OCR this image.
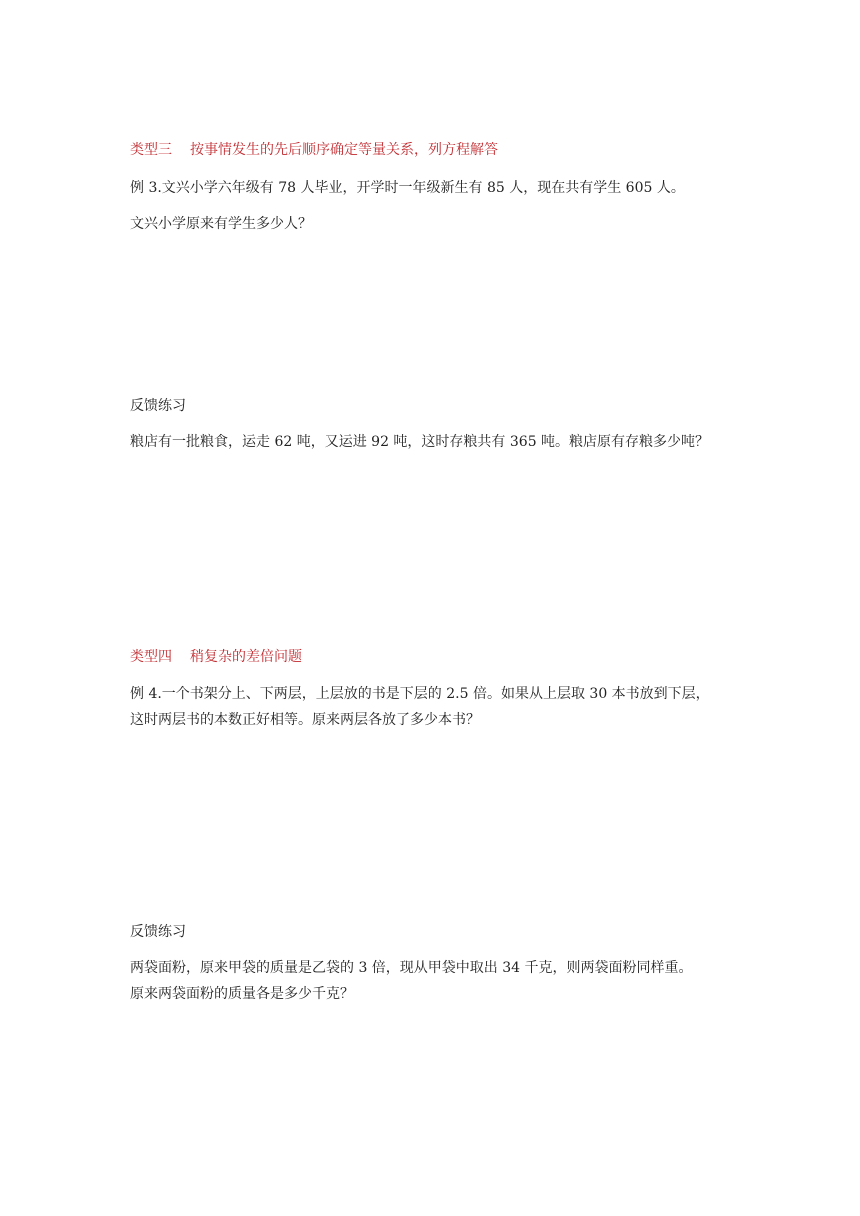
类型三 按事情发生的先后顺序确定等量关系，列方程解答

例 3.文兴小学六年级有 78 人毕业，开学时一年级新生有 85 人，现在共有学生 605 人。

文兴小学原来有学生多少人？

反馈练习

粮店有一批粮食，运走 62 吨，又运进 92 吨，这时存粮共有 365 吨。粮店原有存粮多少吨？

类型四 稍复杂的差倍问题

例 4.一个书架分上、下两层，上层放的书是下层的 2.5 倍。如果从上层取 30 本书放到下层，

这时两层书的本数正好相等。原来两层各放了多少本书？

反馈练习

两袋面粉，原来甲袋的质量是乙袋的 3 倍，现从甲袋中取出 34 千克，则两袋面粉同样重。

原来两袋面粉的质量各是多少千克？
